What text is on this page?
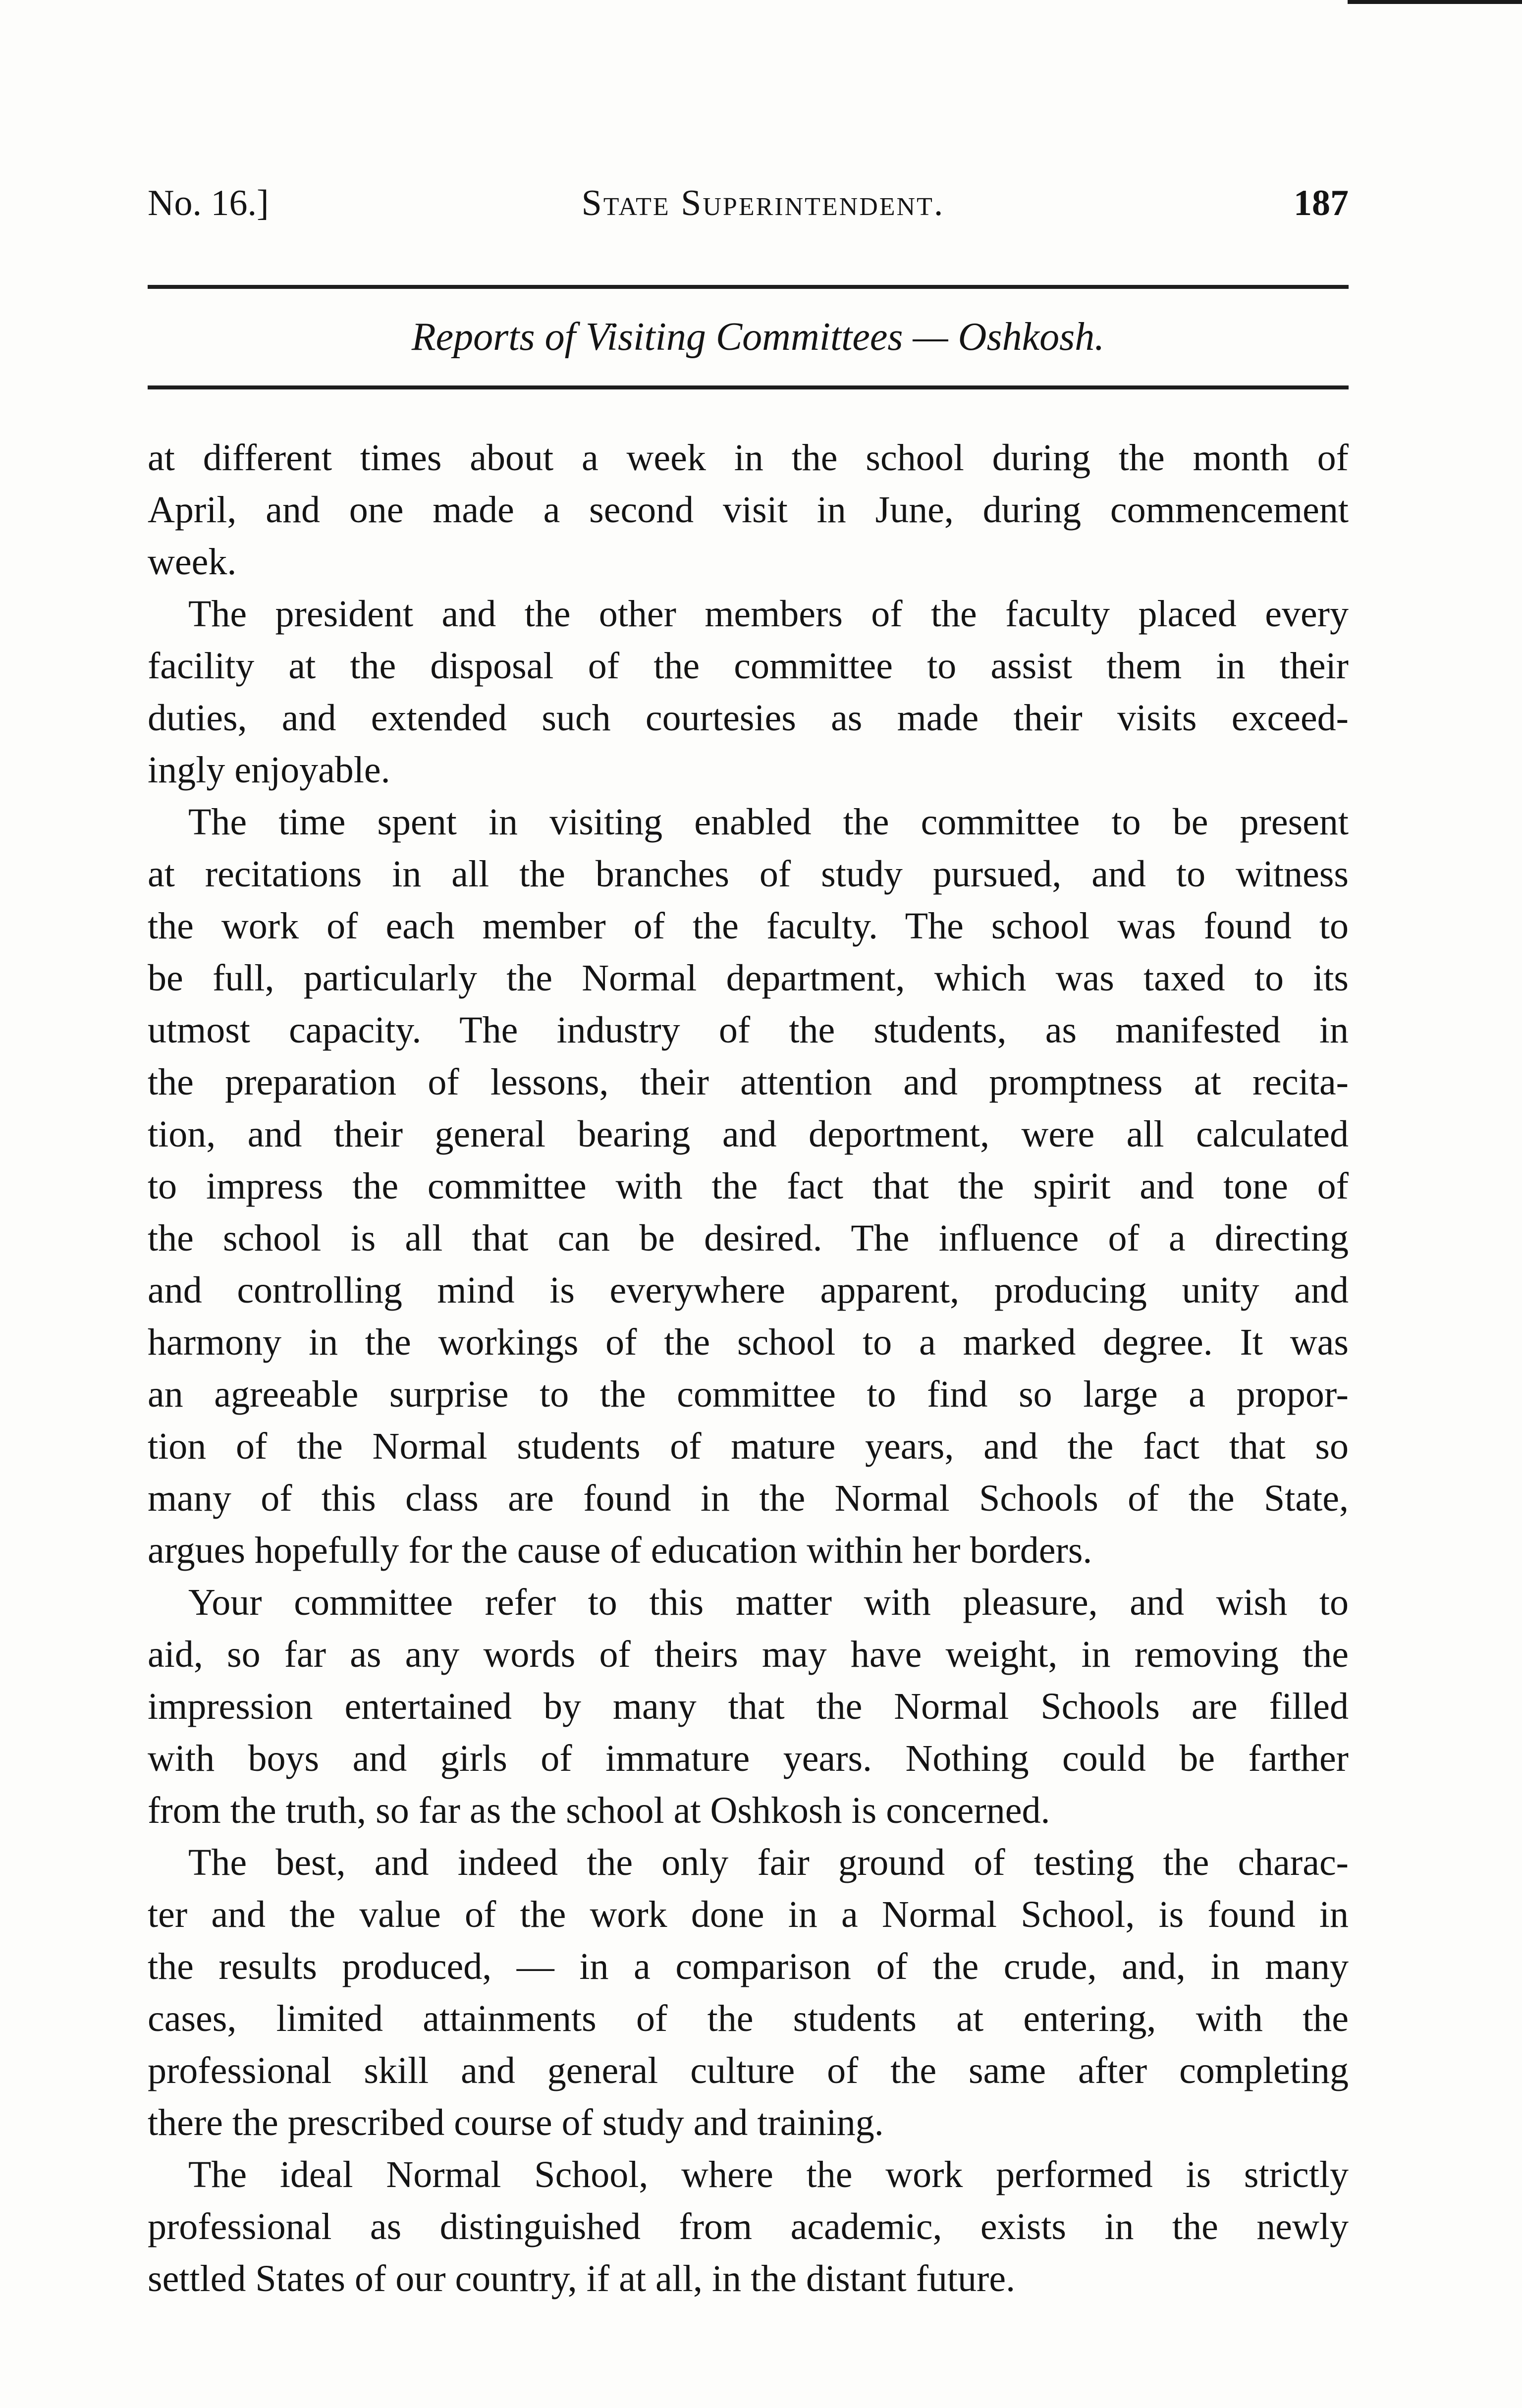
No. 16.]	State Superintendent.	187
Reports of Visiting Committees — Oshkosh.
at different times about a week in the school during the month of
April, and one made a second visit in June, during commencement
week.
The president and the other members of the faculty placed every
facility at the disposal of the committee to assist them in their
duties, and extended such courtesies as made their visits exceed-
ingly enjoyable.
The time spent in visiting enabled the committee to be present
at recitations in all the branches of study pursued, and to witness
the work of each member of the faculty. The school was found to
be full, particularly the Normal department, which was taxed to its
utmost capacity. The industry of the students, as manifested in
the preparation of lessons, their attention and promptness at recita-
tion, and their general bearing and deportment, were all calculated
to impress the committee with the fact that the spirit and tone of
the school is all that can be desired. The influence of a directing
and controlling mind is everywhere apparent, producing unity and
harmony in the workings of the school to a marked degree. It was
an agreeable surprise to the committee to find so large a propor-
tion of the Normal students of mature years, and the fact that so
many of this class are found in the Normal Schools of the State,
argues hopefully for the cause of education within her borders.
Your committee refer to this matter with pleasure, and wish to
aid, so far as any words of theirs may have weight, in removing the
impression entertained by many that the Normal Schools are filled
with boys and girls of immature years. Nothing could be farther
from the truth, so far as the school at Oshkosh is concerned.
The best, and indeed the only fair ground of testing the charac-
ter and the value of the work done in a Normal School, is found in
the results produced, — in a comparison of the crude, and, in many
cases, limited attainments of the students at entering, with the
professional skill and general culture of the same after completing
there the prescribed course of study and training.
The ideal Normal School, where the work performed is strictly
professional as distinguished from academic, exists in the newly
settled States of our country, if at all, in the distant future.
